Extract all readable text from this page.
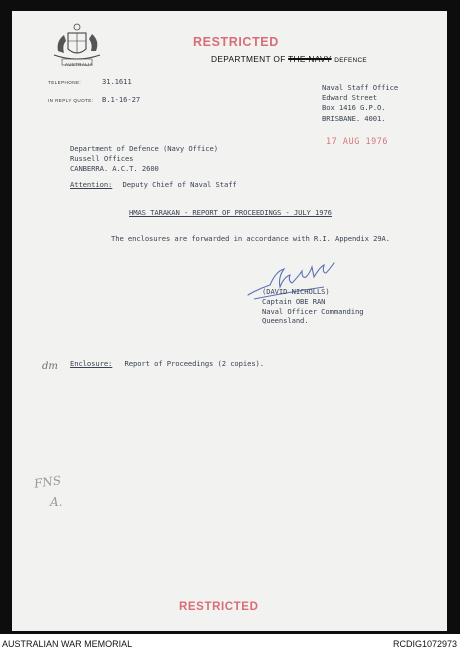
AUSTRALIA
RESTRICTED
DEPARTMENT OF THE NAVY DEFENCE
TELEPHONE:	31.1611
IN REPLY QUOTE: B.1-16-27
Naval Staff Office
Edward Street
Box 1416 G.P.O.
BRISBANE. 4001.
17 AUG 1976
Department of Defence (Navy Office)
Russell Offices
CANBERRA. A.C.T. 2600
Attention: Deputy Chief of Naval Staff
HMAS TARAKAN - REPORT OF PROCEEDINGS - JULY 1976
The enclosures are forwarded in accordance with R.I. Appendix 29A.
(DAVID NICHOLLS)
Captain OBE RAN
Naval Officer Commanding
Queensland.
dm Enclosure: Report of Proceedings (2 copies).
FNS
A.
RESTRICTED
AUSTRALIAN WAR MEMORIAL	RCDIG1072973
